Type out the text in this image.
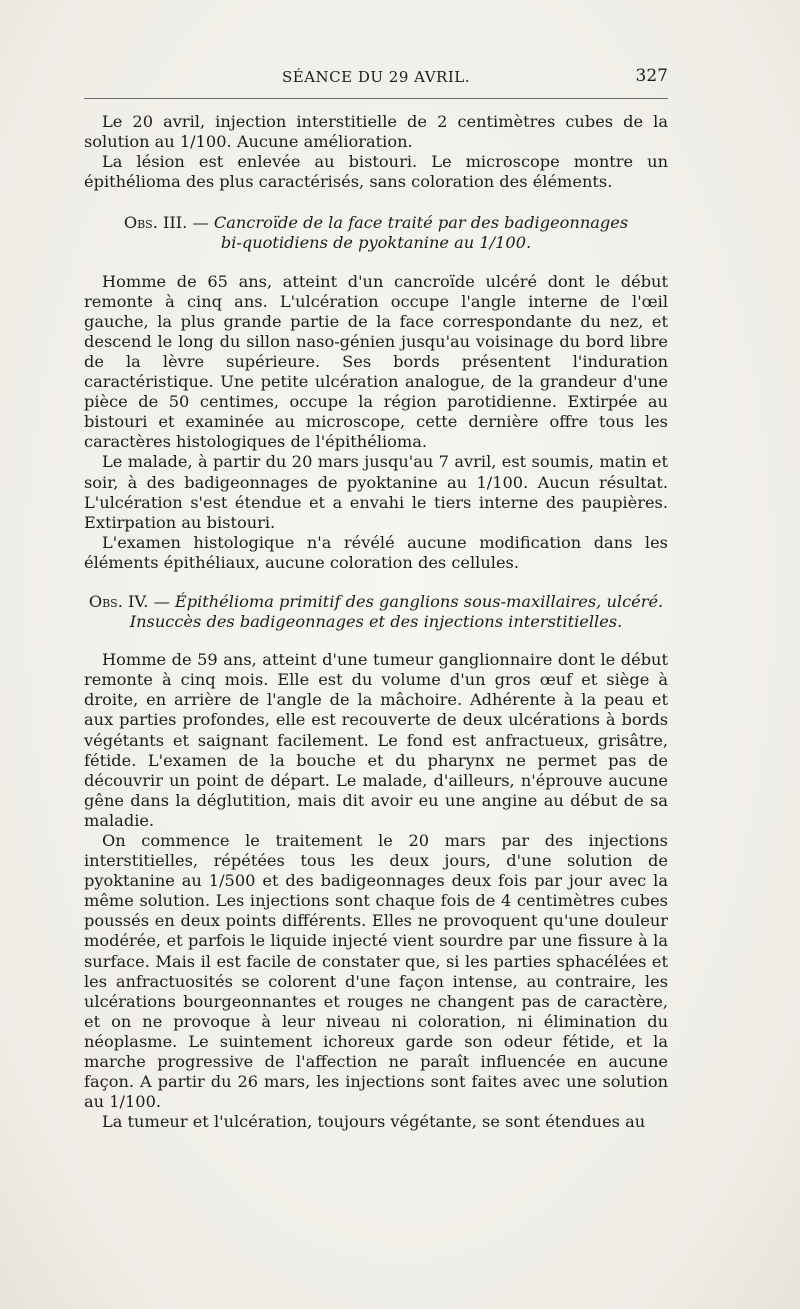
SÉANCE DU 29 AVRIL.	327

Le 20 avril, injection interstitielle de 2 centimètres cubes de la solution au 1/100. Aucune amélioration.

La lésion est enlevée au bistouri. Le microscope montre un épithélioma des plus caractérisés, sans coloration des éléments.

Obs. III. — Cancroïde de la face traité par des badigeonnages
bi-quotidiens de pyoktanine au 1/100.

Homme de 65 ans, atteint d'un cancroïde ulcéré dont le début remonte à cinq ans. L'ulcération occupe l'angle interne de l'œil gauche, la plus grande partie de la face correspondante du nez, et descend le long du sillon naso-génien jusqu'au voisinage du bord libre de la lèvre supérieure. Ses bords présentent l'induration caractéristique. Une petite ulcération analogue, de la grandeur d'une pièce de 50 centimes, occupe la région parotidienne. Extirpée au bistouri et examinée au microscope, cette dernière offre tous les caractères histologiques de l'épithélioma.

Le malade, à partir du 20 mars jusqu'au 7 avril, est soumis, matin et soir, à des badigeonnages de pyoktanine au 1/100. Aucun résultat. L'ulcération s'est étendue et a envahi le tiers interne des paupières. Extirpation au bistouri.

L'examen histologique n'a révélé aucune modification dans les éléments épithéliaux, aucune coloration des cellules.

Obs. IV. — Épithélioma primitif des ganglions sous-maxillaires, ulcéré.
Insuccès des badigeonnages et des injections interstitielles.

Homme de 59 ans, atteint d'une tumeur ganglionnaire dont le début remonte à cinq mois. Elle est du volume d'un gros œuf et siège à droite, en arrière de l'angle de la mâchoire. Adhérente à la peau et aux parties profondes, elle est recouverte de deux ulcérations à bords végétants et saignant facilement. Le fond est anfractueux, grisâtre, fétide. L'examen de la bouche et du pharynx ne permet pas de découvrir un point de départ. Le malade, d'ailleurs, n'éprouve aucune gêne dans la déglutition, mais dit avoir eu une angine au début de sa maladie.

On commence le traitement le 20 mars par des injections interstitielles, répétées tous les deux jours, d'une solution de pyoktanine au 1/500 et des badigeonnages deux fois par jour avec la même solution. Les injections sont chaque fois de 4 centimètres cubes poussés en deux points différents. Elles ne provoquent qu'une douleur modérée, et parfois le liquide injecté vient sourdre par une fissure à la surface. Mais il est facile de constater que, si les parties sphacélées et les anfractuosités se colorent d'une façon intense, au contraire, les ulcérations bourgeonnantes et rouges ne changent pas de caractère, et on ne provoque à leur niveau ni coloration, ni élimination du néoplasme. Le suintement ichoreux garde son odeur fétide, et la marche progressive de l'affection ne paraît influencée en aucune façon. A partir du 26 mars, les injections sont faites avec une solution au 1/100.

La tumeur et l'ulcération, toujours végétante, se sont étendues au
